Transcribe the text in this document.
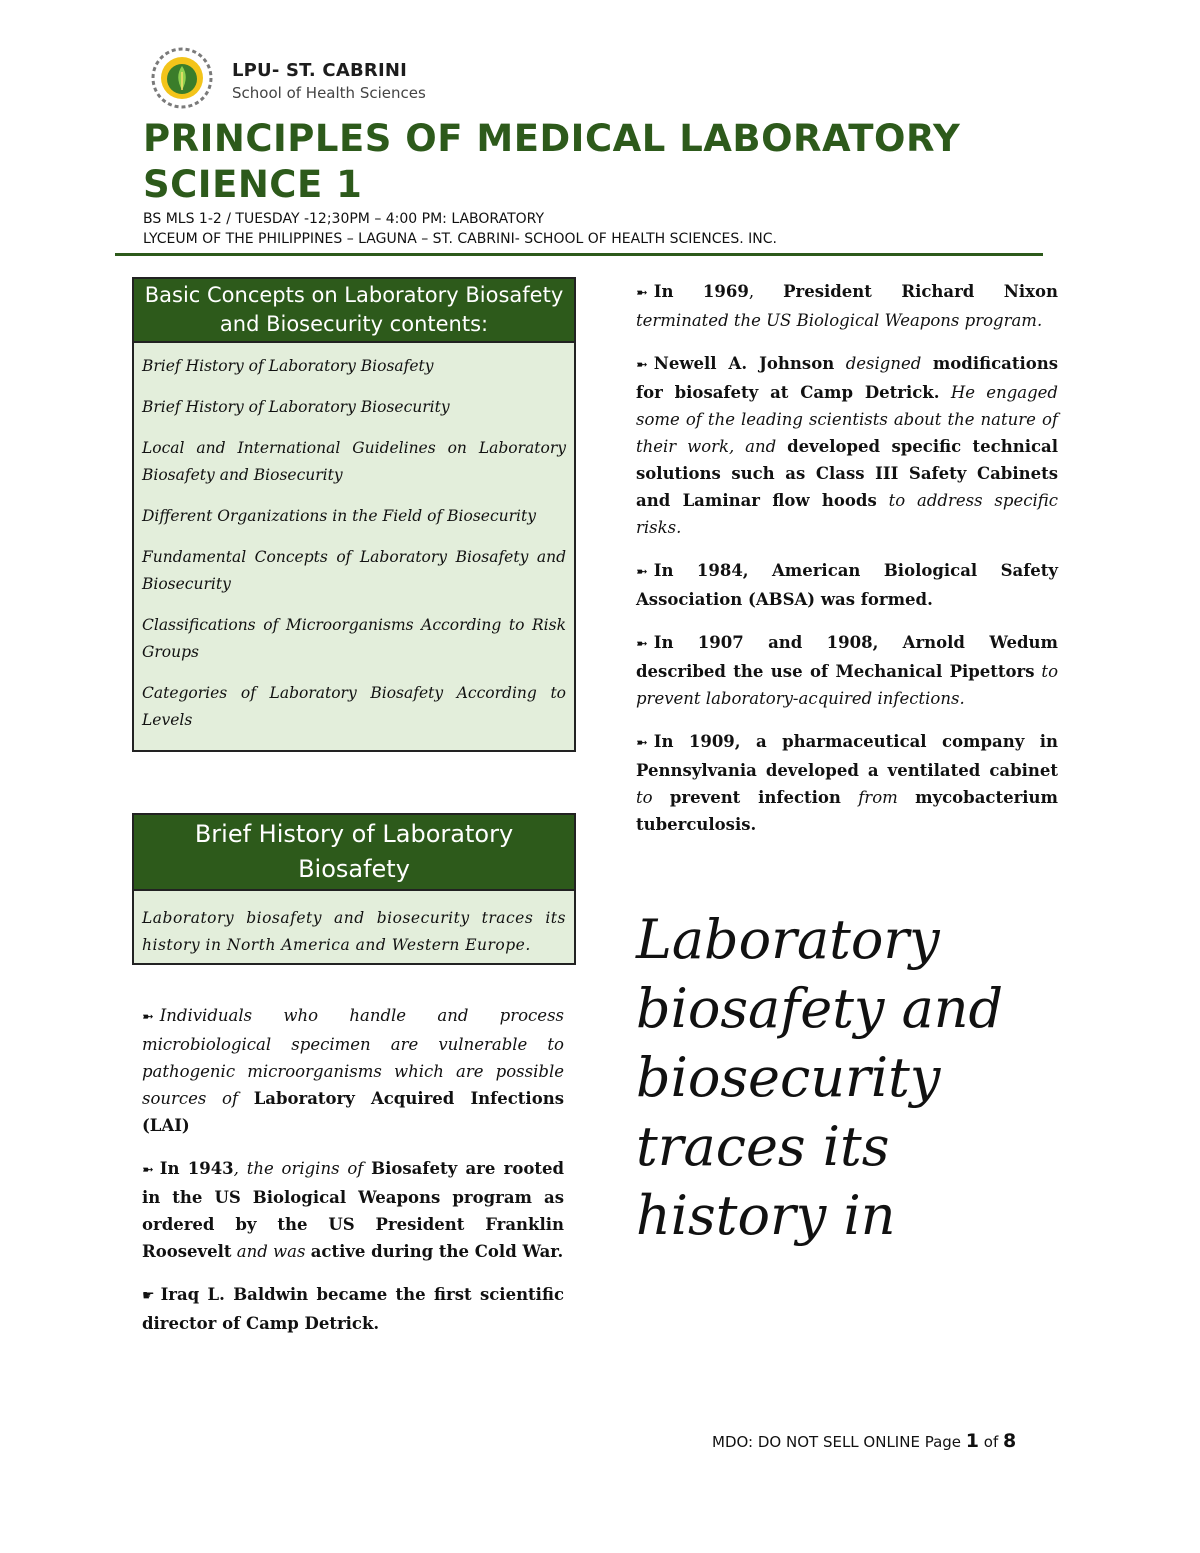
LPU- ST. CABRINI
School of Health Sciences
PRINCIPLES OF MEDICAL LABORATORY SCIENCE 1
BS MLS 1-2 / TUESDAY -12;30PM – 4:00 PM: LABORATORY
LYCEUM OF THE PHILIPPINES – LAGUNA – ST. CABRINI- SCHOOL OF HEALTH SCIENCES. INC.
Basic Concepts on Laboratory Biosafety and Biosecurity contents:

Brief History of Laboratory Biosafety

Brief History of Laboratory Biosecurity

Local and International Guidelines on Laboratory Biosafety and Biosecurity

Different Organizations in the Field of Biosecurity

Fundamental Concepts of Laboratory Biosafety and Biosecurity

Classifications of Microorganisms According to Risk Groups

Categories of Laboratory Biosafety According to Levels

Brief History of Laboratory Biosafety

Laboratory biosafety and biosecurity traces its history in North America and Western Europe.

➼ Individuals who handle and process microbiological specimen are vulnerable to pathogenic microorganisms which are possible sources of Laboratory Acquired Infections (LAI)

➼ In 1943, the origins of Biosafety are rooted in the US Biological Weapons program as ordered by the US President Franklin Roosevelt and was active during the Cold War.

☛ Iraq L. Baldwin became the first scientific director of Camp Detrick.

➼ In 1969, President Richard Nixon terminated the US Biological Weapons program.

➼ Newell A. Johnson designed modifications for biosafety at Camp Detrick. He engaged some of the leading scientists about the nature of their work, and developed specific technical solutions such as Class III Safety Cabinets and Laminar flow hoods to address specific risks.

➼ In 1984, American Biological Safety Association (ABSA) was formed.

➼ In 1907 and 1908, Arnold Wedum described the use of Mechanical Pipettors to prevent laboratory-acquired infections.

➼ In 1909, a pharmaceutical company in Pennsylvania developed a ventilated cabinet to prevent infection from mycobacterium tuberculosis.

Laboratory biosafety and biosecurity traces its history in
MDO: DO NOT SELL ONLINE Page 1 of 8
